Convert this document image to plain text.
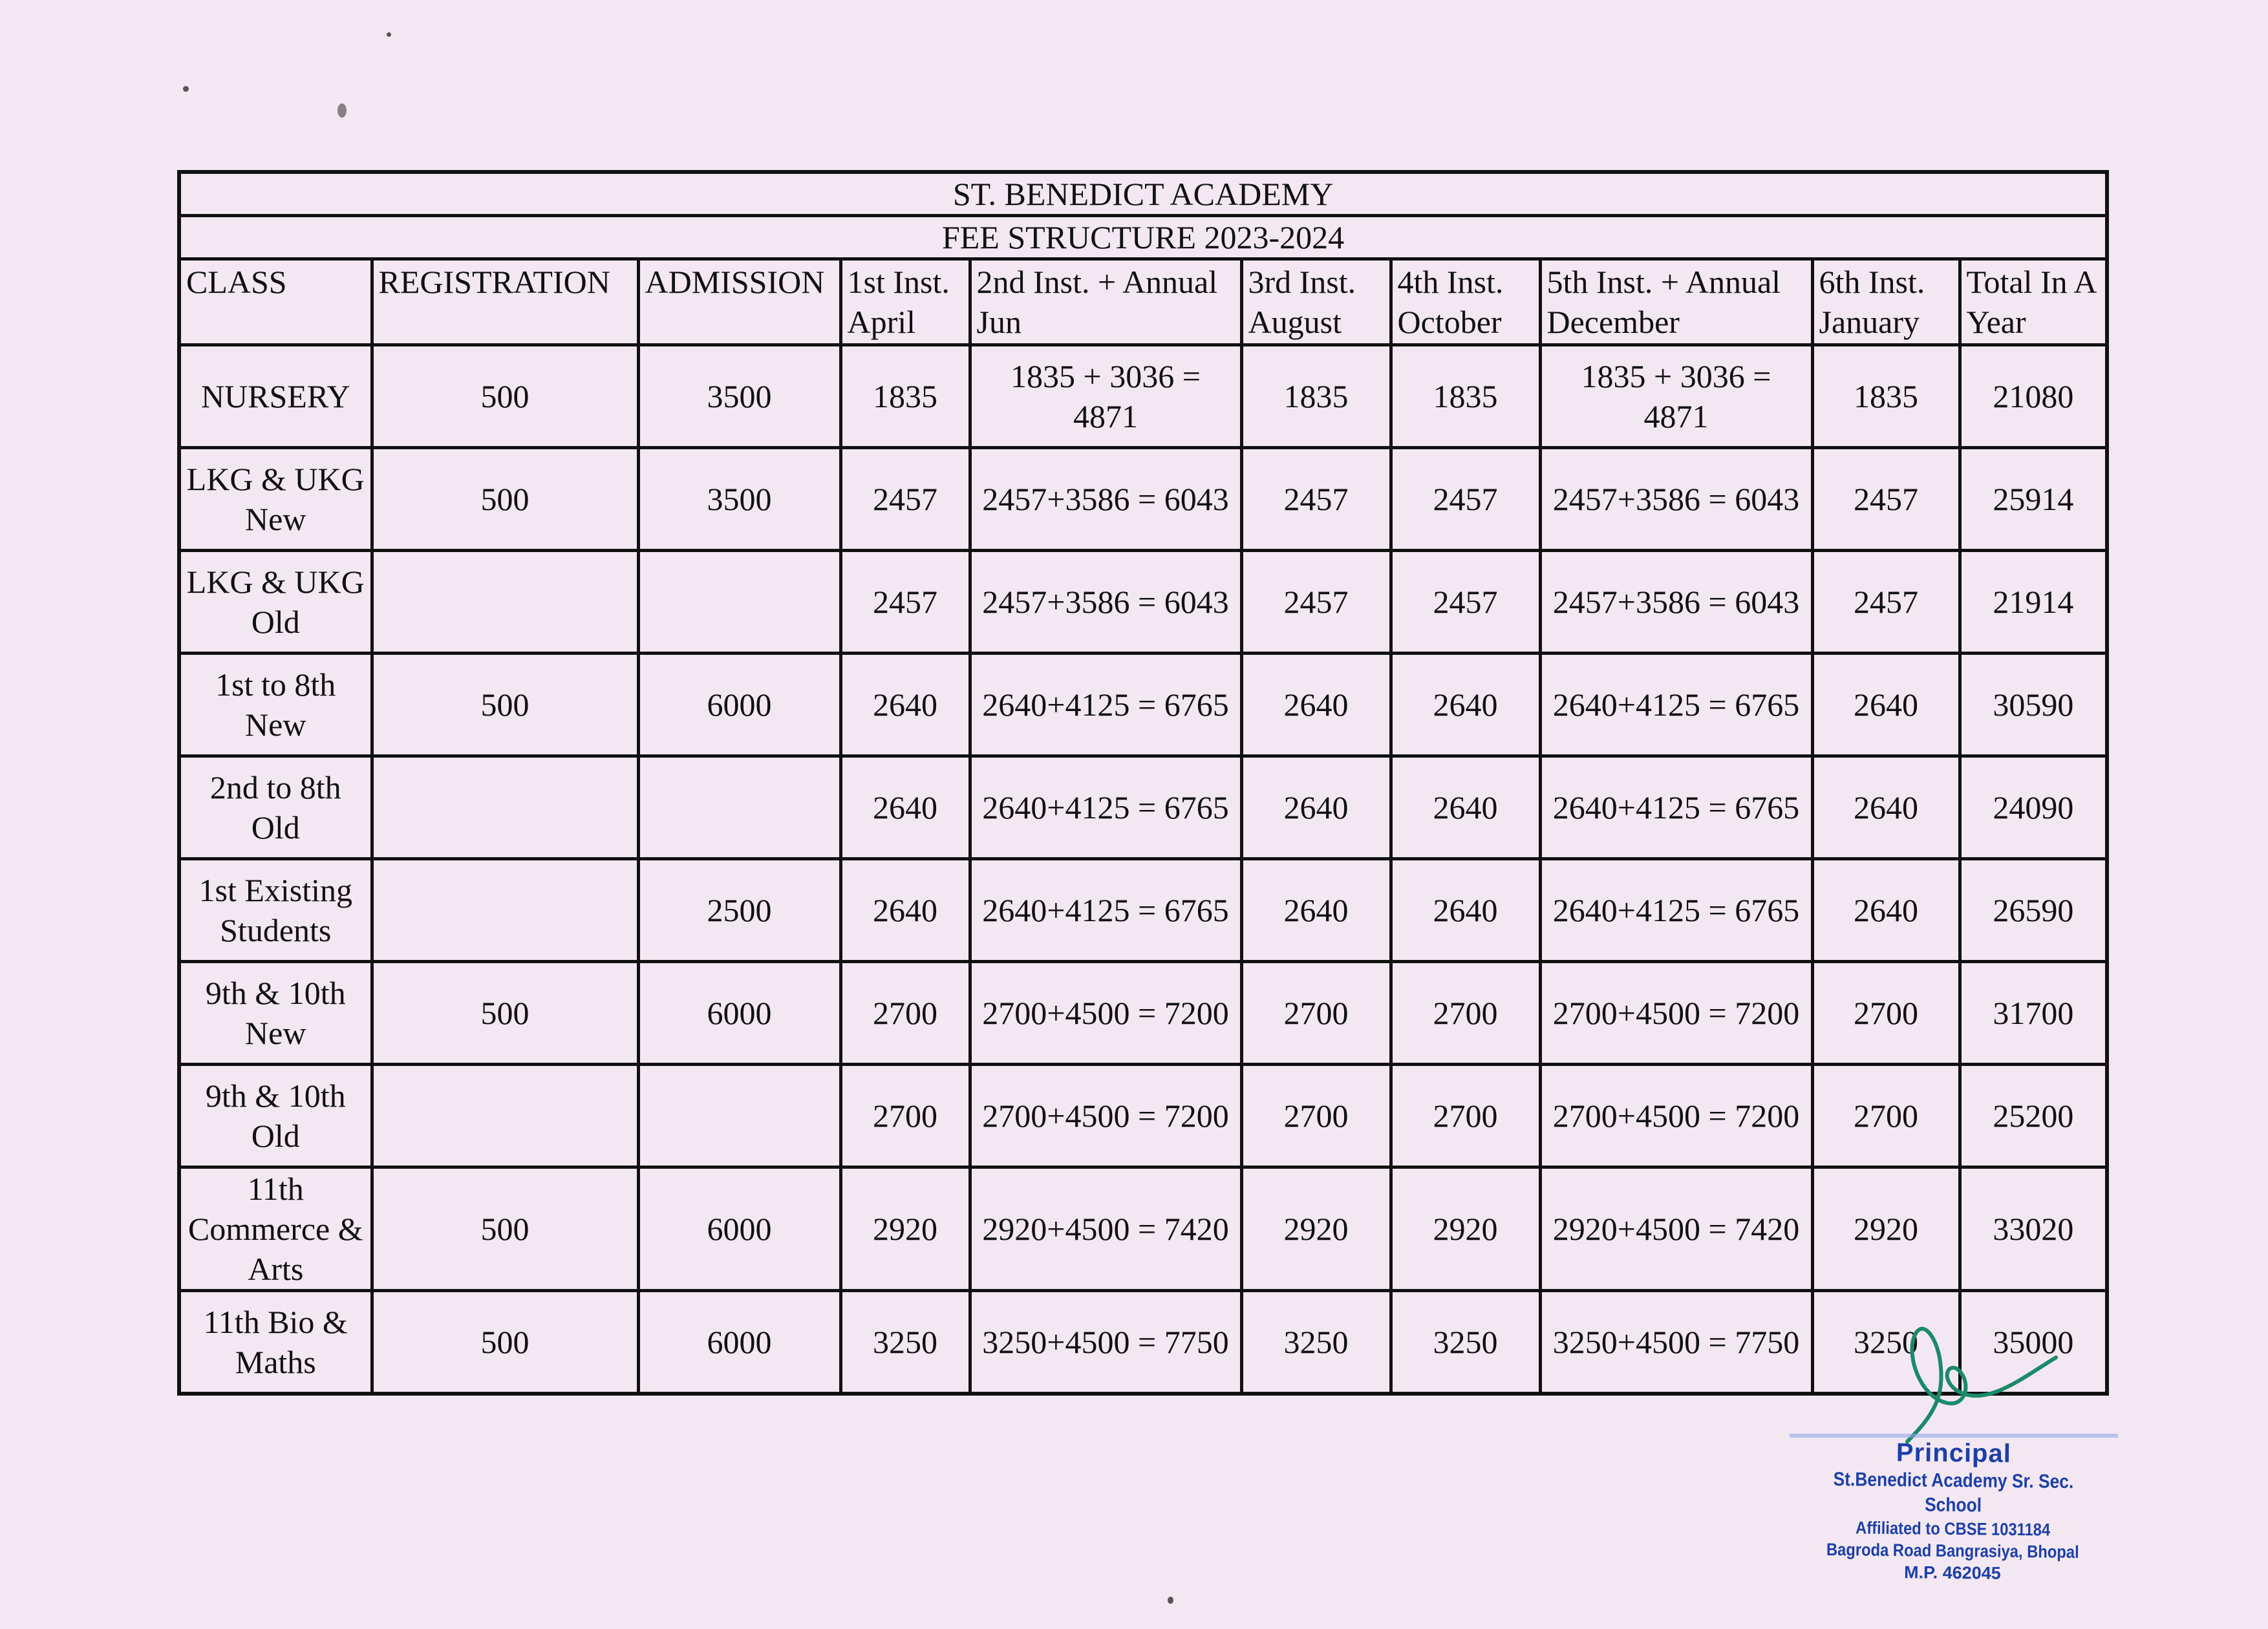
ST. BENEDICT ACADEMY									
FEE STRUCTURE 2023-2024									
CLASS	REGISTRATION	ADMISSION	1st Inst. April	2nd Inst. + Annual Jun	3rd Inst. August	4th Inst. October	5th Inst. + Annual December	6th Inst. January	Total In A Year
NURSERY	500	3500	1835	1835 + 3036 = 4871	1835	1835	1835 + 3036 = 4871	1835	21080
LKG & UKG New	500	3500	2457	2457+3586 = 6043	2457	2457	2457+3586 = 6043	2457	25914
LKG & UKG Old			2457	2457+3586 = 6043	2457	2457	2457+3586 = 6043	2457	21914
1st to 8th New	500	6000	2640	2640+4125 = 6765	2640	2640	2640+4125 = 6765	2640	30590
2nd to 8th Old			2640	2640+4125 = 6765	2640	2640	2640+4125 = 6765	2640	24090
1st Existing Students		2500	2640	2640+4125 = 6765	2640	2640	2640+4125 = 6765	2640	26590
9th & 10th New	500	6000	2700	2700+4500 = 7200	2700	2700	2700+4500 = 7200	2700	31700
9th & 10th Old			2700	2700+4500 = 7200	2700	2700	2700+4500 = 7200	2700	25200
11th Commerce & Arts	500	6000	2920	2920+4500 = 7420	2920	2920	2920+4500 = 7420	2920	33020
11th Bio & Maths	500	6000	3250	3250+4500 = 7750	3250	3250	3250+4500 = 7750	3250	35000
Principal
St.Benedict Academy Sr. Sec. School
Affiliated to CBSE 1031184
Bagroda Road Bangrasiya, Bhopal
M.P. 462045
